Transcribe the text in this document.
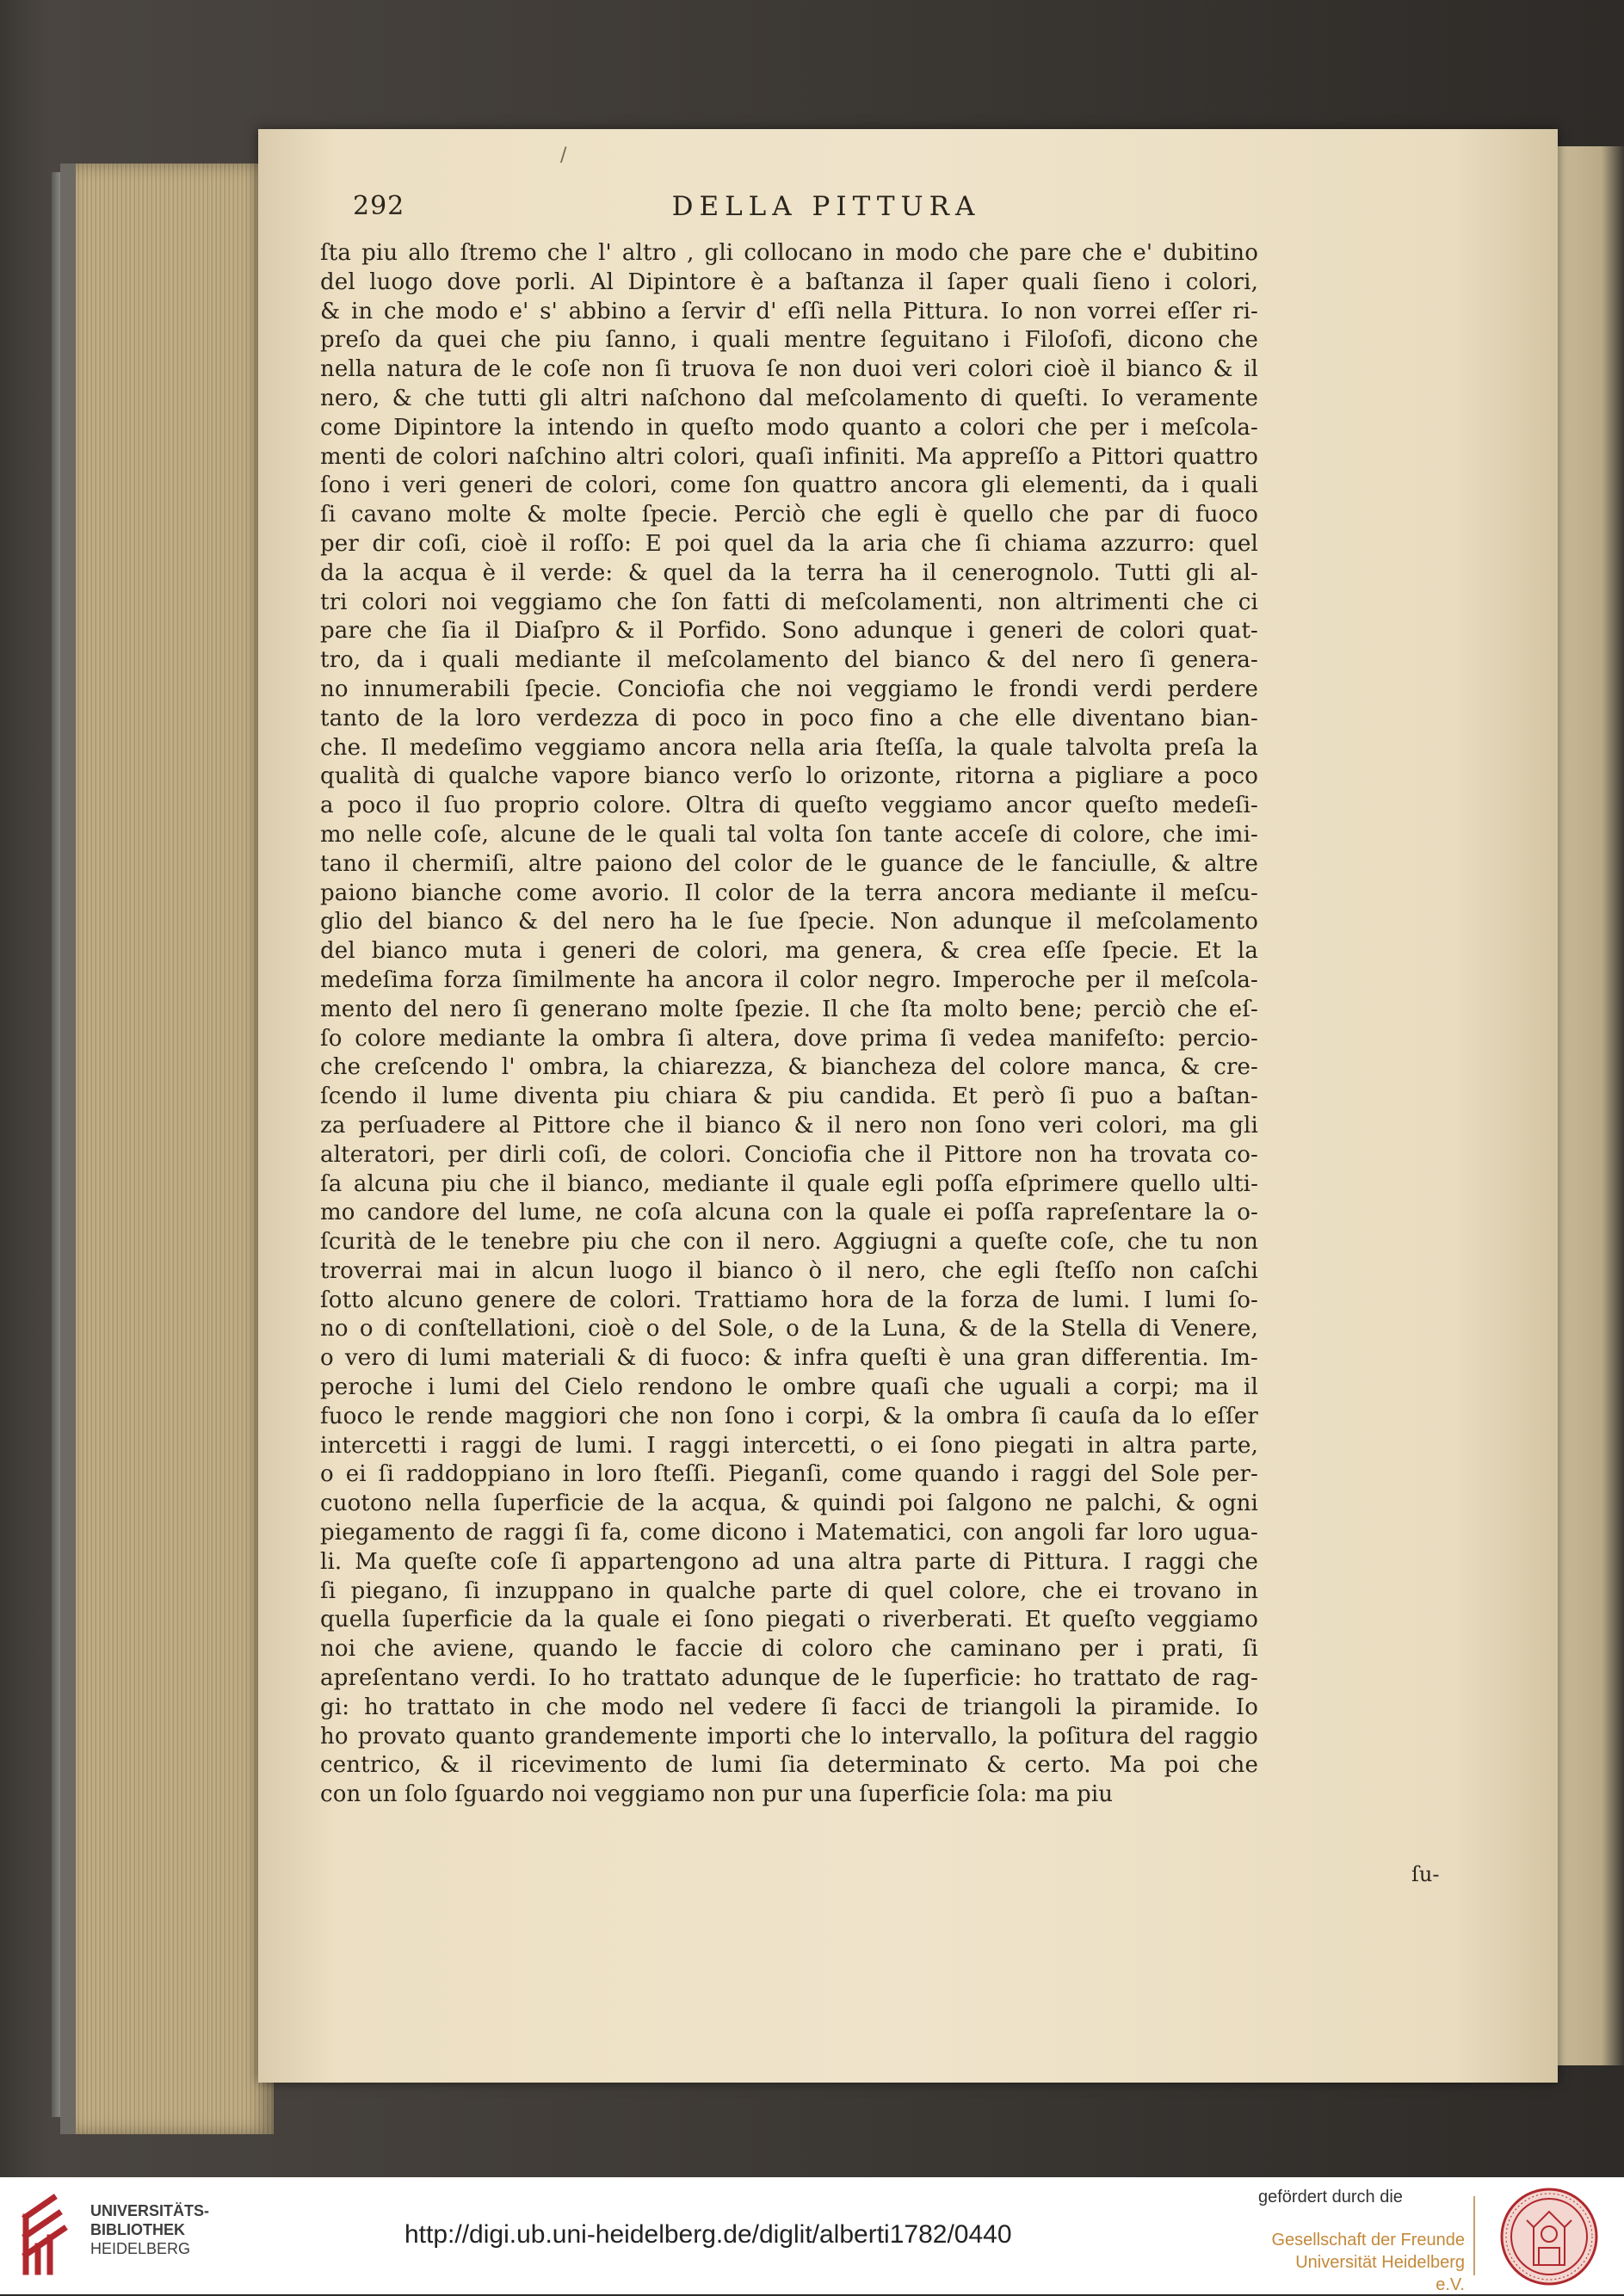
/
292	DELLA PITTURA
ſta piu allo ſtremo che l' altro , gli collocano in modo che pare che e' dubitino
del luogo dove porli. Al Dipintore è a baſtanza il ſaper quali ſieno i colori,
& in che modo e' s' abbino a ſervir d' eſſi nella Pittura. Io non vorrei eſſer ri-
preſo da quei che piu ſanno, i quali mentre ſeguitano i Filoſofi, dicono che
nella natura de le coſe non ſi truova ſe non duoi veri colori cioè il bianco & il
nero, & che tutti gli altri naſchono dal meſcolamento di queſti. Io veramente
come Dipintore la intendo in queſto modo quanto a colori che per i meſcola-
menti de colori naſchino altri colori, quaſi infiniti. Ma appreſſo a Pittori quattro
ſono i veri generi de colori, come ſon quattro ancora gli elementi, da i quali
ſi cavano molte & molte ſpecie. Perciò che egli è quello che par di fuoco
per dir coſi, cioè il roſſo: E poi quel da la aria che ſi chiama azzurro: quel
da la acqua è il verde: & quel da la terra ha il cenerognolo. Tutti gli al-
tri colori noi veggiamo che ſon fatti di meſcolamenti, non altrimenti che ci
pare che ſia il Diaſpro & il Porfido. Sono adunque i generi de colori quat-
tro, da i quali mediante il meſcolamento del bianco & del nero ſi genera-
no innumerabili ſpecie. Conciofia che noi veggiamo le frondi verdi perdere
tanto de la loro verdezza di poco in poco fino a che elle diventano bian-
che. Il medeſimo veggiamo ancora nella aria ſteſſa, la quale talvolta preſa la
qualità di qualche vapore bianco verſo lo orizonte, ritorna a pigliare a poco
a poco il ſuo proprio colore. Oltra di queſto veggiamo ancor queſto medeſi-
mo nelle coſe, alcune de le quali tal volta ſon tante acceſe di colore, che imi-
tano il chermiſi, altre paiono del color de le guance de le fanciulle, & altre
paiono bianche come avorio. Il color de la terra ancora mediante il meſcu-
glio del bianco & del nero ha le ſue ſpecie. Non adunque il meſcolamento
del bianco muta i generi de colori, ma genera, & crea eſſe ſpecie. Et la
medeſima forza ſimilmente ha ancora il color negro. Imperoche per il meſcola-
mento del nero ſi generano molte ſpezie. Il che ſta molto bene; perciò che eſ-
ſo colore mediante la ombra ſi altera, dove prima ſi vedea manifeſto: percio-
che creſcendo l' ombra, la chiarezza, & biancheza del colore manca, & cre-
ſcendo il lume diventa piu chiara & piu candida. Et però ſi puo a baſtan-
za perſuadere al Pittore che il bianco & il nero non ſono veri colori, ma gli
alteratori, per dirli coſi, de colori. Conciofia che il Pittore non ha trovata co-
ſa alcuna piu che il bianco, mediante il quale egli poſſa eſprimere quello ulti-
mo candore del lume, ne coſa alcuna con la quale ei poſſa rapreſentare la o-
ſcurità de le tenebre piu che con il nero. Aggiugni a queſte coſe, che tu non
troverrai mai in alcun luogo il bianco ò il nero, che egli ſteſſo non caſchi
ſotto alcuno genere de colori. Trattiamo hora de la forza de lumi. I lumi ſo-
no o di conſtellationi, cioè o del Sole, o de la Luna, & de la Stella di Venere,
o vero di lumi materiali & di fuoco: & infra queſti è una gran differentia. Im-
peroche i lumi del Cielo rendono le ombre quaſi che uguali a corpi; ma il
fuoco le rende maggiori che non ſono i corpi, & la ombra ſi cauſa da lo eſſer
intercetti i raggi de lumi. I raggi intercetti, o ei ſono piegati in altra parte,
o ei ſi raddoppiano in loro ſteſſi. Pieganſi, come quando i raggi del Sole per-
cuotono nella ſuperficie de la acqua, & quindi poi ſalgono ne palchi, & ogni
piegamento de raggi ſi fa, come dicono i Matematici, con angoli far loro ugua-
li. Ma queſte coſe ſi appartengono ad una altra parte di Pittura. I raggi che
ſi piegano, ſi inzuppano in qualche parte di quel colore, che ei trovano in
quella ſuperficie da la quale ei ſono piegati o riverberati. Et queſto veggiamo
noi che aviene, quando le faccie di coloro che caminano per i prati, ſi
apreſentano verdi. Io ho trattato adunque de le ſuperficie: ho trattato de rag-
gi: ho trattato in che modo nel vedere ſi facci de triangoli la piramide. Io
ho provato quanto grandemente importi che lo intervallo, la poſitura del raggio
centrico, & il ricevimento de lumi ſia determinato & certo. Ma poi che
con un ſolo ſguardo noi veggiamo non pur una ſuperficie ſola: ma piu
ſu-
UNIVERSITÄTS-
BIBLIOTHEK
HEIDELBERG	http://digi.ub.uni-heidelberg.de/diglit/alberti1782/0440
gefördert durch die
Gesellschaft der Freunde
Universität Heidelberg e.V.
